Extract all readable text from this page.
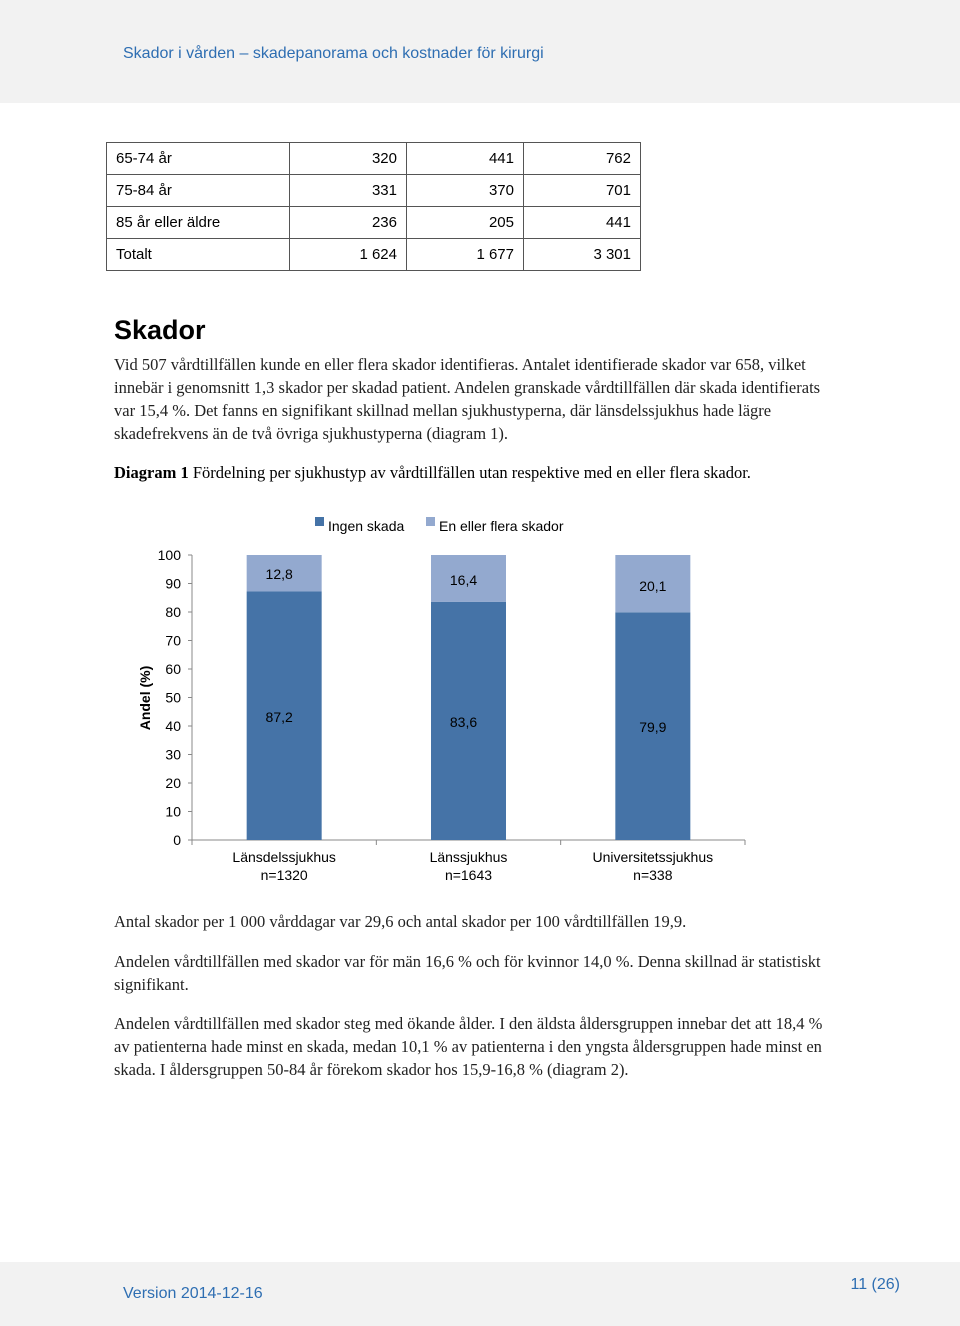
Skador i vården – skadepanorama och kostnader för kirurgi
65-74 år	320	441	762
75-84 år	331	370	701
85 år eller äldre	236	205	441
Totalt	1 624	1 677	3 301
Skador
Vid 507 vårdtillfällen kunde en eller flera skador identifieras. Antalet identifierade skador var 658, vilket innebär i genomsnitt 1,3 skador per skadad patient. Andelen granskade vårdtillfällen där skada identifierats var 15,4 %. Det fanns en signifikant skillnad mellan sjukhustyperna, där länsdelssjukhus hade lägre skadefrekvens än de två övriga sjukhustyperna (diagram 1).
Diagram 1 Fördelning per sjukhustyp av vårdtillfällen utan respektive med en eller flera skador.
0
10
20
30
40
50
60
70
80
90
100
Andel (%)
Ingen skada En eller flera skador
87,2
12,8
Länsdelssjukhus
n=1320
83,6
16,4
Länssjukhus
n=1643
79,9
20,1
Universitetssjukhus
n=338
Antal skador per 1 000 vårddagar var 29,6 och antal skador per 100 vårdtillfällen 19,9.
Andelen vårdtillfällen med skador var för män 16,6 % och för kvinnor 14,0 %. Denna skillnad är statistiskt signifikant.
Andelen vårdtillfällen med skador steg med ökande ålder. I den äldsta åldersgruppen innebar det att 18,4 % av patienterna hade minst en skada, medan 10,1 % av patienterna i den yngsta åldersgruppen hade minst en skada. I åldersgruppen 50-84 år förekom skador hos 15,9-16,8 % (diagram 2).
Version 2014-12-16
11 (26)
